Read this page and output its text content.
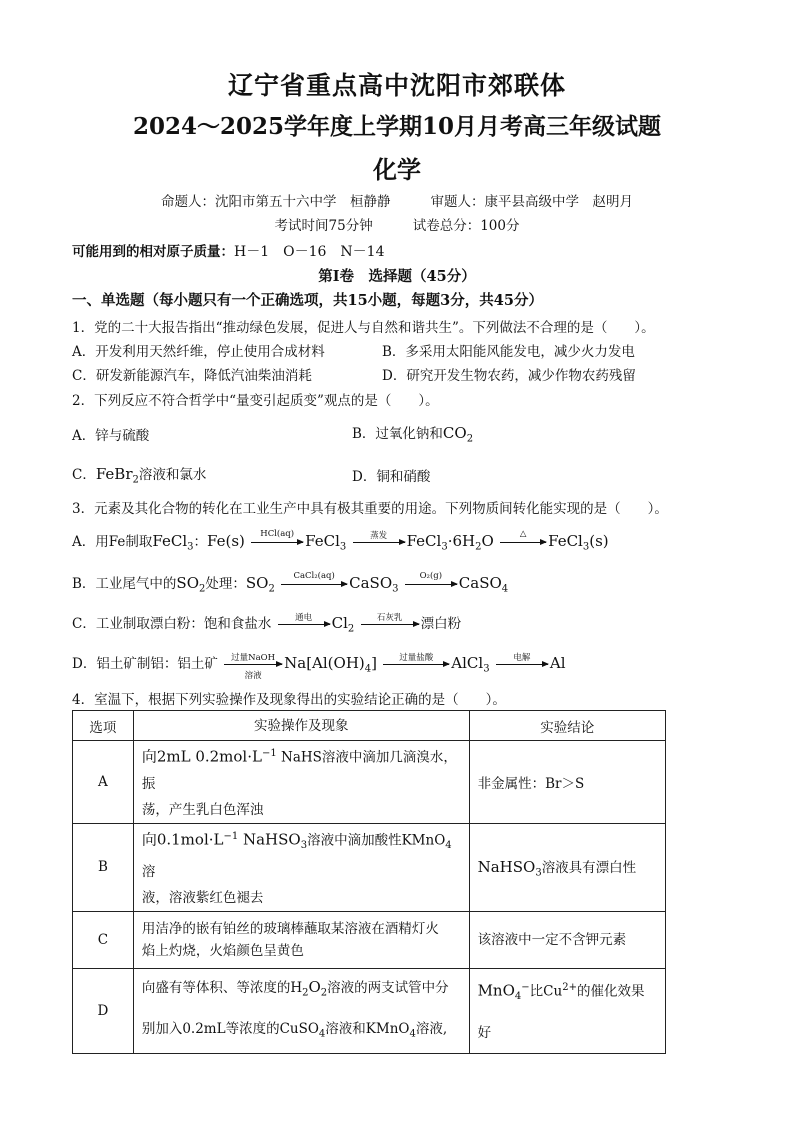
辽宁省重点高中沈阳市郊联体
2024～2025学年度上学期10月月考高三年级试题
化学
命题人：沈阳市第五十六中学　桓静静	审题人：康平县高级中学　赵明月
考试时间75分钟	试卷总分：100分
可能用到的相对原子质量：H－1　O－16　N－14
第Ⅰ卷　选择题（45分）
一、单选题（每小题只有一个正确选项，共15小题，每题3分，共45分）
1．党的二十大报告指出“推动绿色发展，促进人与自然和谐共生”。下列做法不合理的是（　　）。
A．开发利用天然纤维，停止使用合成材料	B．多采用太阳能风能发电，减少火力发电
C．研发新能源汽车，降低汽油柴油消耗	D．研究开发生物农药，减少作物农药残留
2．下列反应不符合哲学中“量变引起质变”观点的是（　　）。
A．锌与硫酸	B．过氧化钠和$CO_2$
C．FeBr$_2$溶液和氯水	D．铜和硝酸
3．元素及其化合物的转化在工业生产中具有极其重要的用途。下列物质间转化能实现的是（　　）。
A．用Fe制取FeCl$_3$：Fe(s)	HCl(aq) FeCl$_3$
蒸发	$FeCl_3\cdot 6H_2O$	△	FeCl$_3$(s)
B．工业尾气中的$SO_2$处理：$SO_2$
CaCl₂(aq) CaSO$_3$
O₂(g)	CaSO$_4$
C．工业制取漂白粉：饱和食盐水	通电	$Cl_2$
石灰乳	漂白粉
D．铝土矿制铝：铝土矿	过量NaOH
溶液
$Na[Al(OH)_4]$	过量盐酸	AlCl$_3$
电解	Al
4．室温下，根据下列实验操作及现象得出的实验结论正确的是（　　）。
选项	实验操作及现象	实验结论
A	向2mL $0.2mol\cdot L^{-1}$ NaHS溶液中滴加几滴溴水，振
荡，产生乳白色浑浊	非金属性：Br＞S
B	向$0.1mol\cdot L^{-1}$ NaHSO$_3$溶液中滴加酸性KMnO$_4$溶
液，溶液紫红色褪去	NaHSO$_3$溶液具有漂白性
C	用洁净的嵌有铂丝的玻璃棒蘸取某溶液在酒精灯火
焰上灼烧，火焰颜色呈黄色	该溶液中一定不含钾元素
D	向盛有等体积、等浓度的$H_2O_2$溶液的两支试管中分
别加入0.2mL等浓度的CuSO$_4$溶液和KMnO$_4$溶液,	MnO$_4$−比$Cu^{2+}$的催化效果好
